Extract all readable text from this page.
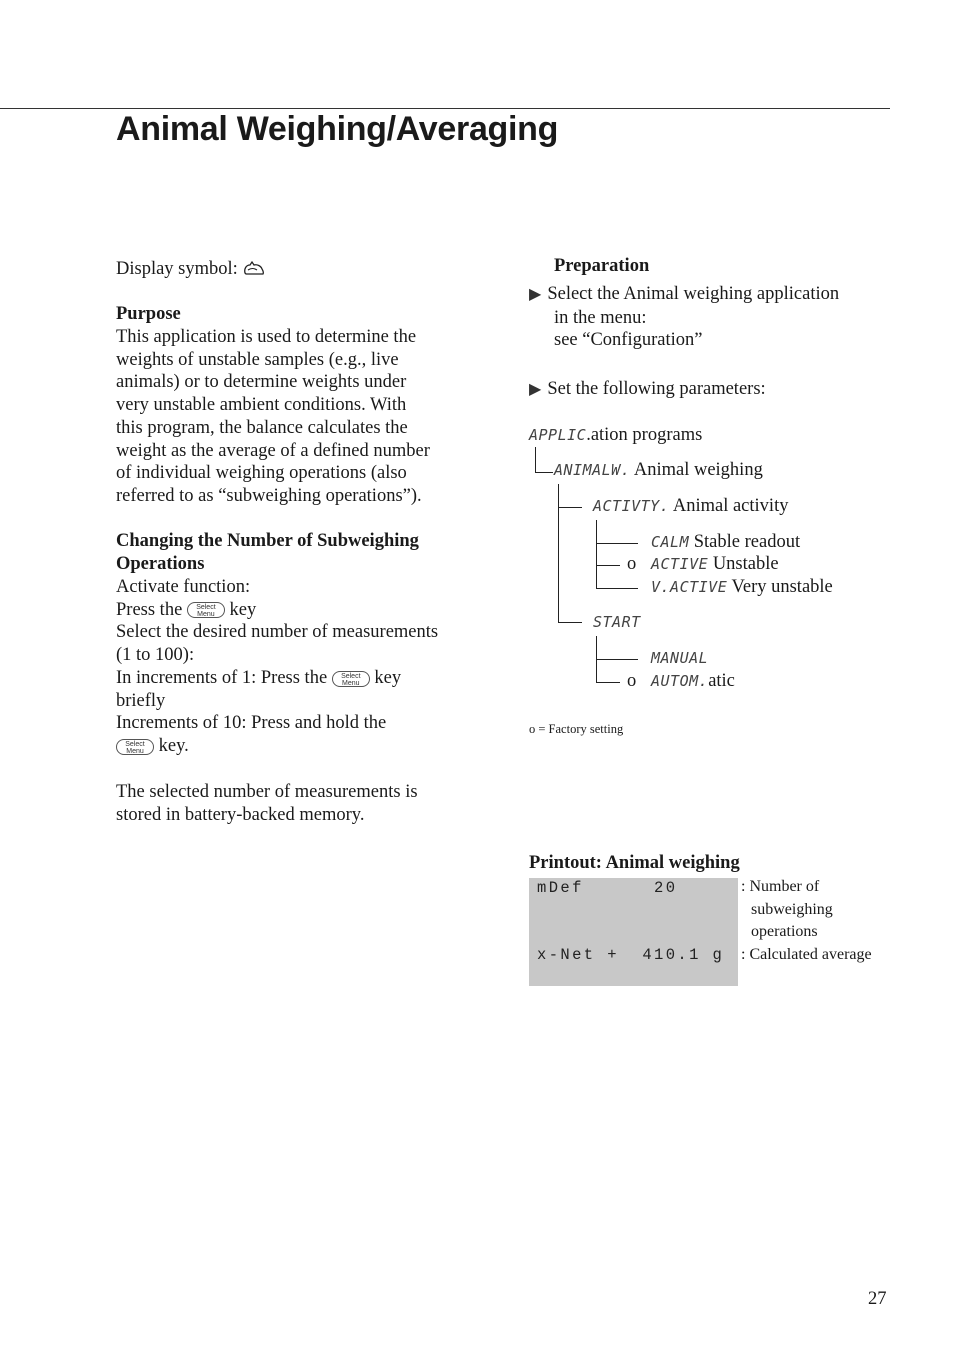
Animal Weighing/Averaging
Display symbol:
Purpose
This application is used to determine the
weights of unstable samples (e.g., live
animals) or to determine weights under
very unstable ambient conditions. With
this program, the balance calculates the
weight as the average of a defined number
of individual weighing operations (also
referred to as “subweighing operations”).
Changing the Number of Subweighing
Operations
Activate function:
Press the Select
Menu key
Select the desired number of measurements
(1 to 100):
In increments of 1: Press the Select
Menu key
briefly
Increments of 10: Press and hold the
Select
Menu key.
The selected number of measurements is
stored in battery-backed memory.
Preparation
▶ Select the Animal weighing application
in the menu:
see “Configuration”
▶ Set the following parameters:
APPLIC.ation programs
ANIMALW. Animal weighing
ACTIVTY. Animal activity
CALM Stable readout
o ACTIVE Unstable
V.ACTIVE Very unstable
START
MANUAL
o AUTOM.atic
o = Factory setting
Printout: Animal weighing
mDef      20
x-Net +  410.1 g
: Number of
subweighing
operations
: Calculated average
27
